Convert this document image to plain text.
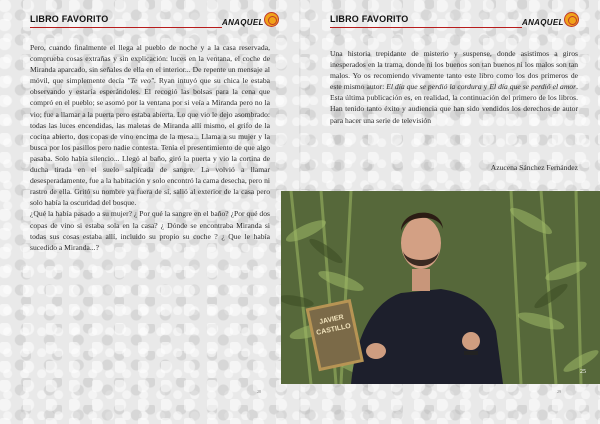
LIBRO FAVORITO	ANAQUEL

Pero, cuando finalmente el llega al pueblo de noche y a la casa reservada, comprueba cosas extrañas y sin explicación: luces en la ventana, el coche de Miranda aparcado, sin señales de ella en el interior... De repente un mensaje al móvil, que simplemente decía "Te veo". Ryan intuyó que su chica le estaba observando y estaría esperándoles. El recogió las bolsas para la cena que compró en el pueblo; se asomó por la ventana por si veía a Miranda pero no la vio; fue a llamar a la puerta pero estaba abierta. Lo que vio le dejo asombrado: todas las luces encendidas, las maletas de Miranda allí mismo, el grifo de la cocina abierto, dos copas de vino encima de la mesa... Llama a su mujer y la busca por los pasillos pero nadie contesta. Tenía el presentimiento de que algo pasaba. Solo había silencio... Llegó al baño, giró la puerta y vio la cortina de ducha tirada en el suelo salpicada de sangre. La volvió a llamar desesperadamente, fue a la habitación y solo encontró la cama desecha, pero ni rastro de ella. Gritó su nombre ya fuera de sí, salió al exterior de la casa pero solo había la oscuridad del bosque.

¿Qué la había pasado a su mujer? ¿ Por qué la sangre en el baño? ¿Por qué dos copas de vino si estaba sola en la casa? ¿ Dónde se encontraba Miranda si todas sus cosas estaba allí, incluido su propio su coche ? ¿ Que le había sucedido a Miranda...?

28
LIBRO FAVORITO	ANAQUEL

Una historia trepidante de misterio y suspense, donde asistimos a giros inesperados en la trama, donde ni los buenos son tan buenos ni los malos son tan malos. Yo os recomiendo vivamente tanto este libro como los dos primeros de este mismo autor: El día que se perdió la cordura y El día que se perdió el amor. Esta última publicación es, en realidad, la continuación del primero de los libros. Han tenido tanto éxito y audiencia que han sido vendidos los derechos de autor para hacer una serie de televisión

Azucena Sánchez Fernández
JAVIER
CASTILLO
25
29
